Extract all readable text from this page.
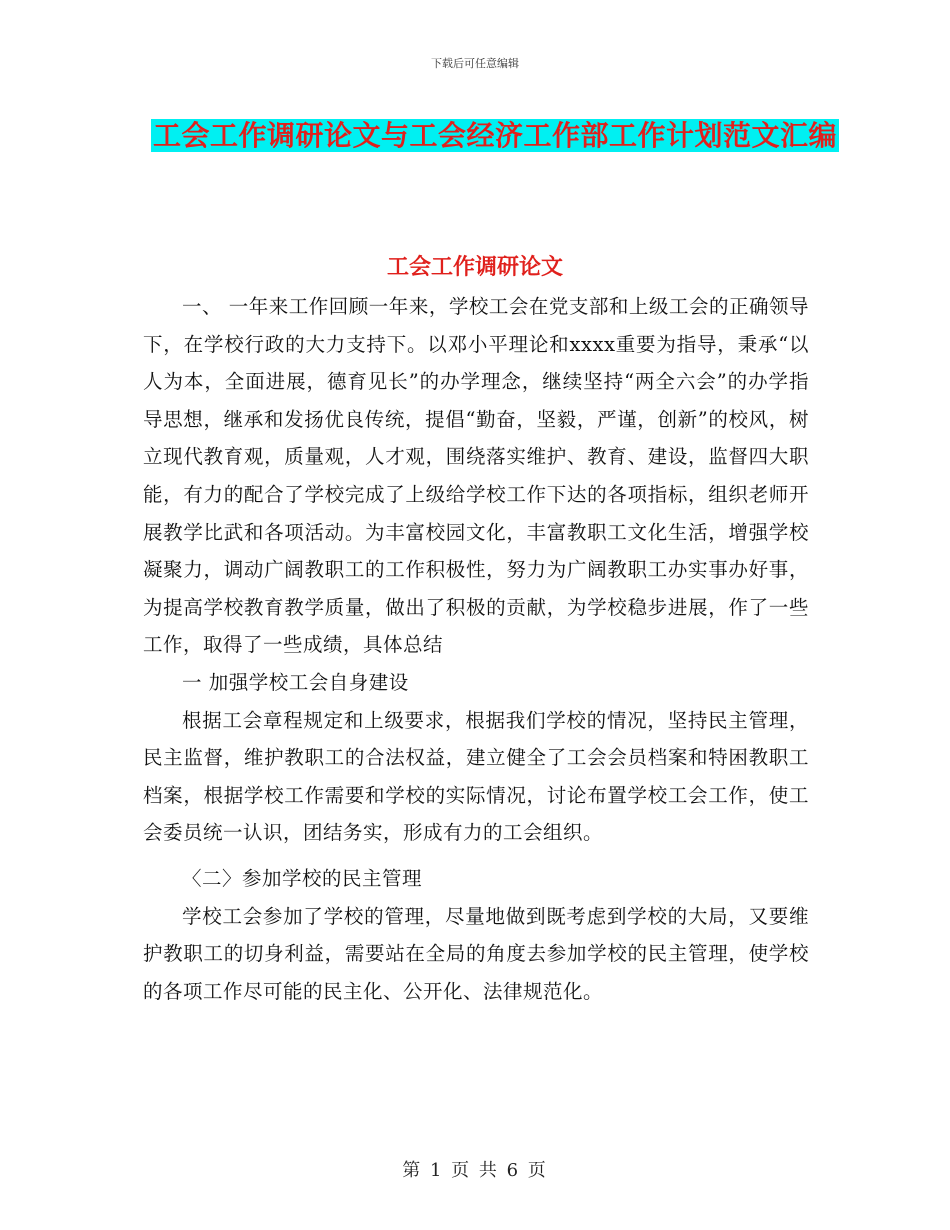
下载后可任意编辑
工会工作调研论文与工会经济工作部工作计划范文汇编
工会工作调研论文

一、 一年来工作回顾一年来，学校工会在党支部和上级工会的正确领导下，在学校行政的大力支持下。以邓小平理论和xxxx重要为指导，秉承“以人为本，全面进展，德育见长”的办学理念，继续坚持“两全六会”的办学指导思想，继承和发扬优良传统，提倡“勤奋，坚毅，严谨，创新”的校风，树立现代教育观，质量观，人才观，围绕落实维护、教育、建设，监督四大职能，有力的配合了学校完成了上级给学校工作下达的各项指标，组织老师开展教学比武和各项活动。为丰富校园文化，丰富教职工文化生活，增强学校凝聚力，调动广阔教职工的工作积极性，努力为广阔教职工办实事办好事，为提高学校教育教学质量，做出了积极的贡献，为学校稳步进展，作了一些工作，取得了一些成绩，具体总结

一 加强学校工会自身建设

根据工会章程规定和上级要求，根据我们学校的情况，坚持民主管理，民主监督，维护教职工的合法权益，建立健全了工会会员档案和特困教职工档案，根据学校工作需要和学校的实际情况，讨论布置学校工会工作，使工会委员统一认识，团结务实，形成有力的工会组织。

〈二〉参加学校的民主管理

学校工会参加了学校的管理，尽量地做到既考虑到学校的大局，又要维护教职工的切身利益，需要站在全局的角度去参加学校的民主管理，使学校的各项工作尽可能的民主化、公开化、法律规范化。

第 1 页 共 6 页
